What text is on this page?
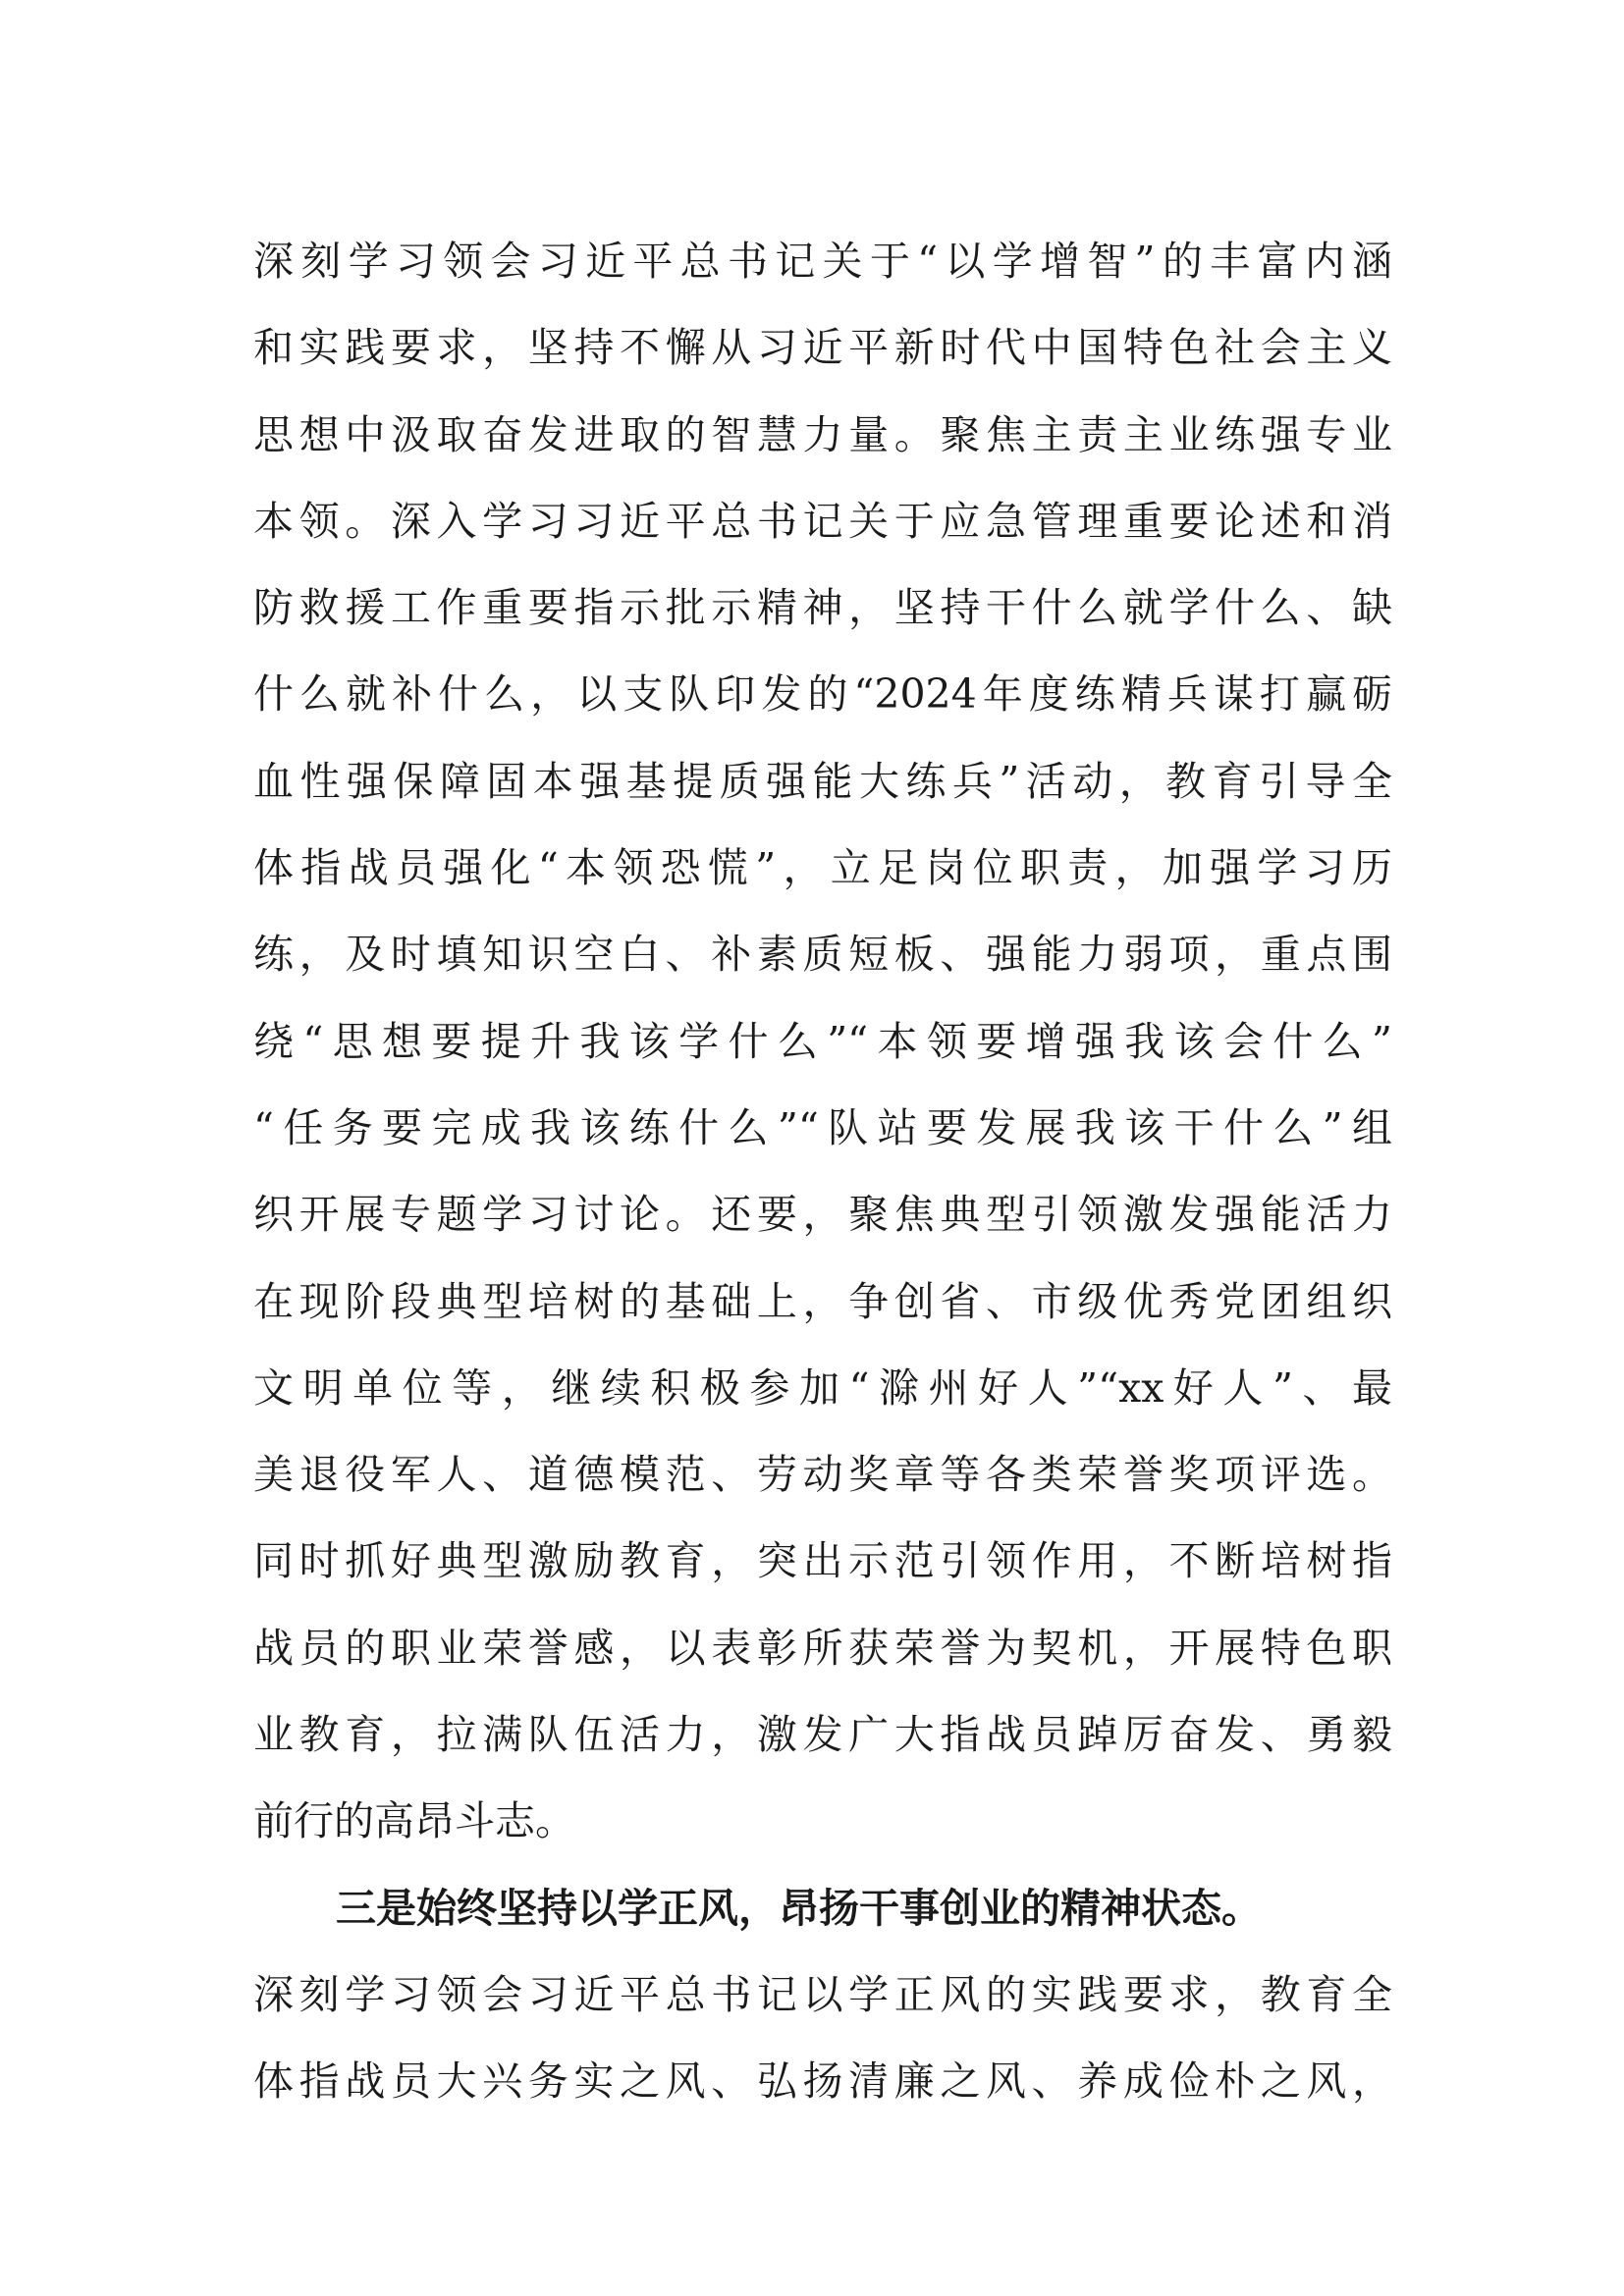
深刻学习领会习近平总书记关于“以学增智”的丰富内涵
和实践要求，坚持不懈从习近平新时代中国特色社会主义
思想中汲取奋发进取的智慧力量。聚焦主责主业练强专业
本领。深入学习习近平总书记关于应急管理重要论述和消
防救援工作重要指示批示精神，坚持干什么就学什么、缺
什么就补什么，以支队印发的“2024年度练精兵谋打赢砺
血性强保障固本强基提质强能大练兵”活动，教育引导全
体指战员强化“本领恐慌”，立足岗位职责，加强学习历
练，及时填知识空白、补素质短板、强能力弱项，重点围
绕“思想要提升我该学什么”“本领要增强我该会什么”
“任务要完成我该练什么”“队站要发展我该干什么”组
织开展专题学习讨论。还要，聚焦典型引领激发强能活力
在现阶段典型培树的基础上，争创省、市级优秀党团组织
文明单位等，继续积极参加“滁州好人”“xx好人”、最
美退役军人、道德模范、劳动奖章等各类荣誉奖项评选。
同时抓好典型激励教育，突出示范引领作用，不断培树指
战员的职业荣誉感，以表彰所获荣誉为契机，开展特色职
业教育，拉满队伍活力，激发广大指战员踔厉奋发、勇毅
前行的高昂斗志。
三是始终坚持以学正风，昂扬干事创业的精神状态。
深刻学习领会习近平总书记以学正风的实践要求，教育全
体指战员大兴务实之风、弘扬清廉之风、养成俭朴之风，
